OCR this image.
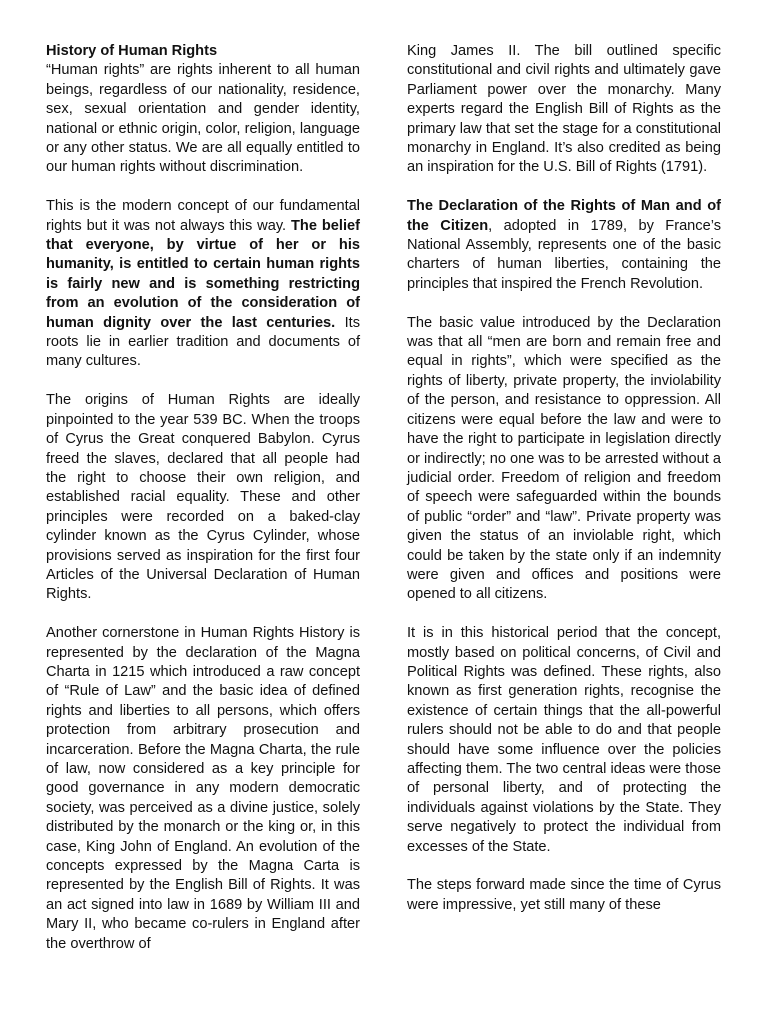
History of Human Rights
“Human rights” are rights inherent to all human beings, regardless of our nationality, residence, sex, sexual orientation and gender identity, national or ethnic origin, color, religion, language or any other status. We are all equally entitled to our human rights without discrimination.

This is the modern concept of our fundamental rights but it was not always this way. The belief that everyone, by virtue of her or his humanity, is entitled to certain human rights is fairly new and is something restricting from an evolution of the consideration of human dignity over the last centuries. Its roots lie in earlier tradition and documents of many cultures.

The origins of Human Rights are ideally pinpointed to the year 539 BC. When the troops of Cyrus the Great conquered Babylon. Cyrus freed the slaves, declared that all people had the right to choose their own religion, and established racial equality. These and other principles were recorded on a baked-clay cylinder known as the Cyrus Cylinder, whose provisions served as inspiration for the first four Articles of the Universal Declaration of Human Rights.

Another cornerstone in Human Rights History is represented by the declaration of the Magna Charta in 1215 which introduced a raw concept of “Rule of Law” and the basic idea of defined rights and liberties to all persons, which offers protection from arbitrary prosecution and incarceration. Before the Magna Charta, the rule of law, now considered as a key principle for good governance in any modern democratic society, was perceived as a divine justice, solely distributed by the monarch or the king or, in this case, King John of England. An evolution of the concepts expressed by the Magna Carta is represented by the English Bill of Rights. It was an act signed into law in 1689 by William III and Mary II, who became co-rulers in England after the overthrow of

King James II. The bill outlined specific constitutional and civil rights and ultimately gave Parliament power over the monarchy. Many experts regard the English Bill of Rights as the primary law that set the stage for a constitutional monarchy in England. It’s also credited as being an inspiration for the U.S. Bill of Rights (1791).

The Declaration of the Rights of Man and of the Citizen, adopted in 1789, by France’s National Assembly, represents one of the basic charters of human liberties, containing the principles that inspired the French Revolution.

The basic value introduced by the Declaration was that all “men are born and remain free and equal in rights”, which were specified as the rights of liberty, private property, the inviolability of the person, and resistance to oppression. All citizens were equal before the law and were to have the right to participate in legislation directly or indirectly; no one was to be arrested without a judicial order. Freedom of religion and freedom of speech were safeguarded within the bounds of public “order” and “law”. Private property was given the status of an inviolable right, which could be taken by the state only if an indemnity were given and offices and positions were opened to all citizens.

It is in this historical period that the concept, mostly based on political concerns, of Civil and Political Rights was defined. These rights, also known as first generation rights, recognise the existence of certain things that the all-powerful rulers should not be able to do and that people should have some influence over the policies affecting them. The two central ideas were those of personal liberty, and of protecting the individuals against violations by the State. They serve negatively to protect the individual from excesses of the State.

The steps forward made since the time of Cyrus were impressive, yet still many of these
